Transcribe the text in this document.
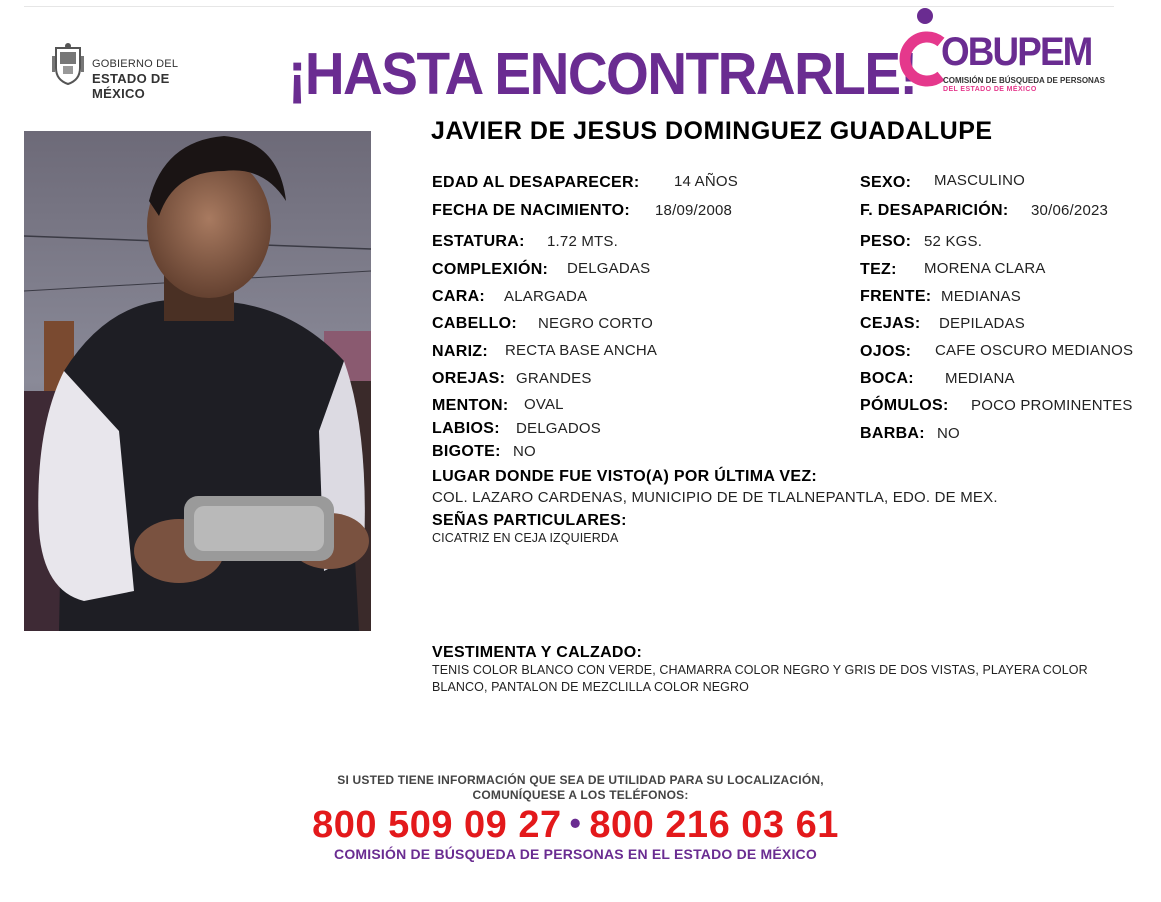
GOBIERNO DEL
ESTADO DE MÉXICO	¡HASTA ENCONTRARLE! OBUPEM
COMISIÓN DE BÚSQUEDA DE PERSONAS
DEL ESTADO DE MÉXICO
JAVIER DE JESUS DOMINGUEZ GUADALUPE
EDAD AL DESAPARECER: 14 AÑOS
FECHA DE NACIMIENTO: 18/09/2008
ESTATURA: 1.72 MTS.
COMPLEXIÓN: DELGADAS
CARA: ALARGADA
CABELLO: NEGRO CORTO
NARIZ: RECTA BASE ANCHA
OREJAS: GRANDES
MENTON: OVAL
LABIOS: DELGADOS
BIGOTE: NO
SEXO: MASCULINO
F. DESAPARICIÓN: 30/06/2023
PESO: 52 KGS.
TEZ: MORENA CLARA
FRENTE: MEDIANAS
CEJAS: DEPILADAS
OJOS: CAFE OSCURO MEDIANOS
BOCA: MEDIANA
PÓMULOS: POCO PROMINENTES
BARBA: NO
LUGAR DONDE FUE VISTO(A) POR ÚLTIMA VEZ:
COL. LAZARO CARDENAS, MUNICIPIO DE DE TLALNEPANTLA, EDO. DE MEX.
SEÑAS PARTICULARES:
CICATRIZ EN CEJA IZQUIERDA
VESTIMENTA Y CALZADO:
TENIS COLOR BLANCO CON VERDE, CHAMARRA COLOR NEGRO Y GRIS DE DOS VISTAS, PLAYERA COLOR
BLANCO, PANTALON DE MEZCLILLA COLOR NEGRO
SI USTED TIENE INFORMACIÓN QUE SEA DE UTILIDAD PARA SU LOCALIZACIÓN,
COMUNÍQUESE A LOS TELÉFONOS:
800 509 09 27 • 800 216 03 61
COMISIÓN DE BÚSQUEDA DE PERSONAS EN EL ESTADO DE MÉXICO
